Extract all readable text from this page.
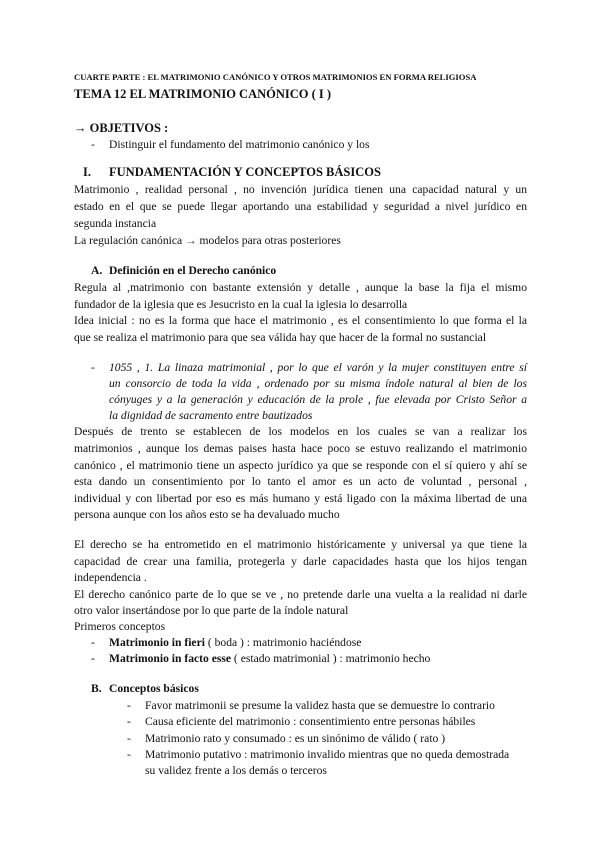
CUARTE PARTE : EL MATRIMONIO CANÓNICO Y OTROS MATRIMONIOS EN FORMA RELIGIOSA
TEMA 12 EL MATRIMONIO CANÓNICO ( I )
→ OBJETIVOS :
- Distinguir el fundamento del matrimonio canónico y los
I. FUNDAMENTACIÓN Y CONCEPTOS BÁSICOS
Matrimonio , realidad personal , no invención jurídica tienen una capacidad natural y un
estado en el que se puede llegar aportando una estabilidad y seguridad a nivel jurídico en
segunda instancia
La regulación canónica → modelos para otras posteriores
A. Definición en el Derecho canónico
Regula al ,matrimonio con bastante extensión y detalle , aunque la base la fija el mismo
fundador de la iglesia que es Jesucristo en la cual la iglesia lo desarrolla
Idea inicial : no es la forma que hace el matrimonio , es el consentimiento lo que forma el la
que se realiza el matrimonio para que sea válida hay que hacer de la formal no sustancial
- 1055 , 1. La linaza matrimonial , por lo que el varón y la mujer constituyen entre sí
un consorcio de toda la vida , ordenado por su misma índole natural al bien de los
cónyuges y a la generación y educación de la prole , fue elevada por Cristo Señor a
la dignidad de sacramento entre bautizados
Después de trento se establecen de los modelos en los cuales se van a realizar los
matrimonios , aunque los demas paises hasta hace poco se estuvo realizando el matrimonio
canónico , el matrimonio tiene un aspecto jurídico ya que se responde con el sí quiero y ahí se
esta dando un consentimiento por lo tanto el amor es un acto de voluntad , personal ,
individual y con libertad por eso es más humano y está ligado con la máxima libertad de una
persona aunque con los años esto se ha devaluado mucho
El derecho se ha entrometido en el matrimonio históricamente y universal ya que tiene la
capacidad de crear una familia, protegerla y darle capacidades hasta que los hijos tengan
independencia .
El derecho canónico parte de lo que se ve , no pretende darle una vuelta a la realidad ni darle
otro valor insertándose por lo que parte de la índole natural
Primeros conceptos
- Matrimonio in fieri ( boda ) : matrimonio haciéndose
- Matrimonio in facto esse ( estado matrimonial ) : matrimonio hecho
B. Conceptos básicos
- Favor matrimonii se presume la validez hasta que se demuestre lo contrario
- Causa eficiente del matrimonio : consentimiento entre personas hábiles
- Matrimonio rato y consumado : es un sinónimo de válido ( rato )
- Matrimonio putativo : matrimonio invalido mientras que no queda demostrada
su validez frente a los demás o terceros
